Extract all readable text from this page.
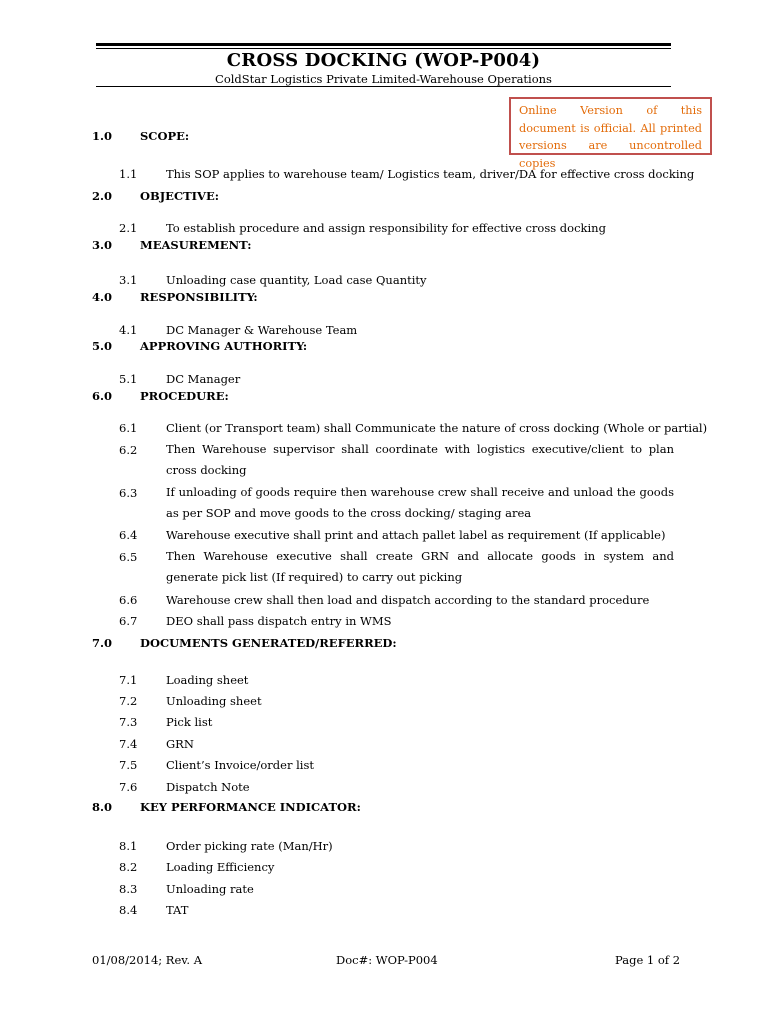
CROSS DOCKING (WOP-P004)
ColdStar Logistics Private Limited-Warehouse Operations
Online Version of this document is official. All printed versions are uncontrolled copies
1.0 SCOPE:
1.1 This SOP applies to warehouse team/ Logistics team, driver/DA for effective cross docking
2.0 OBJECTIVE:
2.1 To establish procedure and assign responsibility for effective cross docking
3.0 MEASUREMENT:
3.1 Unloading case quantity, Load case Quantity
4.0 RESPONSIBILITY:
4.1 DC Manager & Warehouse Team
5.0 APPROVING AUTHORITY:
5.1 DC Manager
6.0 PROCEDURE:
6.1 Client (or Transport team) shall Communicate the nature of cross docking (Whole or partial)
6.2 Then Warehouse supervisor shall coordinate with logistics executive/client to plan cross docking
6.3 If unloading of goods require then warehouse crew shall receive and unload the goods as per SOP and move goods to the cross docking/ staging area
6.4 Warehouse executive shall print and attach pallet label as requirement (If applicable)
6.5 Then Warehouse executive shall create GRN and allocate goods in system and generate pick list (If required) to carry out picking
6.6 Warehouse crew shall then load and dispatch according to the standard procedure
6.7 DEO shall pass dispatch entry in WMS
7.0 DOCUMENTS GENERATED/REFERRED:
7.1 Loading sheet
7.2 Unloading sheet
7.3 Pick list
7.4 GRN
7.5 Client’s Invoice/order list
7.6 Dispatch Note
8.0 KEY PERFORMANCE INDICATOR:
8.1 Order picking rate (Man/Hr)
8.2 Loading Efficiency
8.3 Unloading rate
8.4 TAT
01/08/2014; Rev. A	Doc#: WOP-P004	Page 1 of 2
